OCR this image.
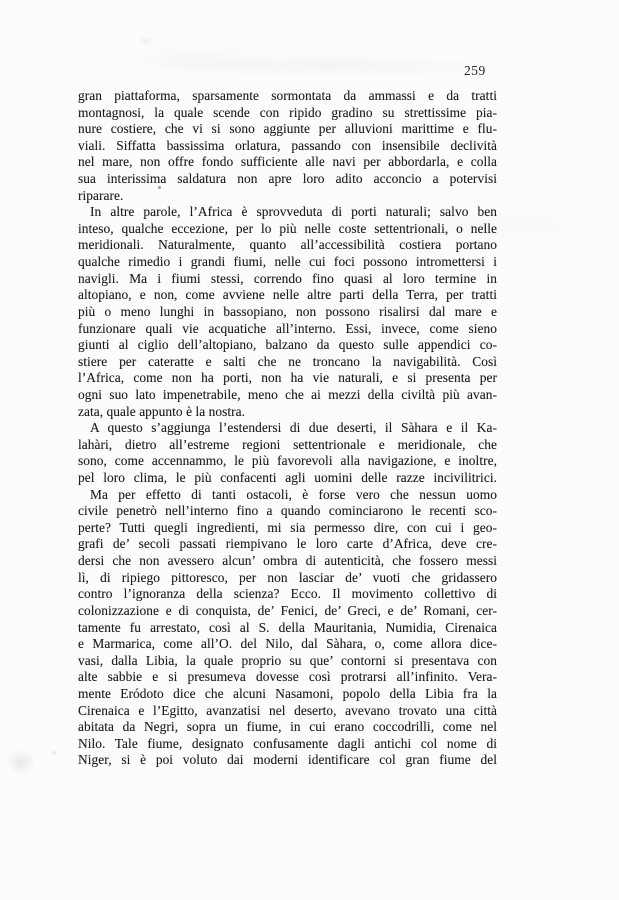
259
gran piattaforma, sparsamente sormontata da ammassi e da tratti
montagnosi, la quale scende con ripido gradino su strettissime pia-
nure costiere, che vi si sono aggiunte per alluvioni marittime e flu-
viali. Siffatta bassissima orlatura, passando con insensibile declività
nel mare, non offre fondo sufficiente alle navi per abbordarla, e colla
sua interissima saldatura non apre loro adito acconcio a potervisi
riparare.
In altre parole, l’Africa è sprovveduta di porti naturali; salvo ben
inteso, qualche eccezione, per lo più nelle coste settentrionali, o nelle
meridionali. Naturalmente, quanto all’accessibilità costiera portano
qualche rimedio i grandi fiumi, nelle cui foci possono intromettersi i
navigli. Ma i fiumi stessi, correndo fino quasi al loro termine in
altopiano, e non, come avviene nelle altre parti della Terra, per tratti
più o meno lunghi in bassopiano, non possono risalirsi dal mare e
funzionare quali vie acquatiche all’interno. Essi, invece, come sieno
giunti al ciglio dell’altopiano, balzano da questo sulle appendici co-
stiere per cateratte e salti che ne troncano la navigabilità. Così
l’Africa, come non ha porti, non ha vie naturali, e si presenta per
ogni suo lato impenetrabile, meno che ai mezzi della civiltà più avan-
zata, quale appunto è la nostra.
A questo s’aggiunga l’estendersi di due deserti, il Sàhara e il Ka-
lahàri, dietro all’estreme regioni settentrionale e meridionale, che
sono, come accennammo, le più favorevoli alla navigazione, e inoltre,
pel loro clima, le più confacenti agli uomini delle razze incivilitrici.
Ma per effetto di tanti ostacoli, è forse vero che nessun uomo
civile penetrò nell’interno fino a quando cominciarono le recenti sco-
perte? Tutti quegli ingredienti, mi sia permesso dire, con cui i geo-
grafi de’ secoli passati riempivano le loro carte d’Africa, deve cre-
dersi che non avessero alcun’ ombra di autenticità, che fossero messi
lì, di ripiego pittoresco, per non lasciar de’ vuoti che gridassero
contro l’ignoranza della scienza? Ecco. Il movimento collettivo di
colonizzazione e di conquista, de’ Fenici, de’ Greci, e de’ Romani, cer-
tamente fu arrestato, così al S. della Mauritania, Numidia, Cirenaica
e Marmarica, come all’O. del Nilo, dal Sàhara, o, come allora dice-
vasi, dalla Libia, la quale proprio su que’ contorni si presentava con
alte sabbie e si presumeva dovesse così protrarsi all’infinito. Vera-
mente Eródoto dice che alcuni Nasamoni, popolo della Libia fra la
Cirenaica e l’Egitto, avanzatisi nel deserto, avevano trovato una città
abitata da Negri, sopra un fiume, in cui erano coccodrilli, come nel
Nilo. Tale fiume, designato confusamente dagli antichi col nome di
Niger, si è poi voluto dai moderni identificare col gran fiume del
